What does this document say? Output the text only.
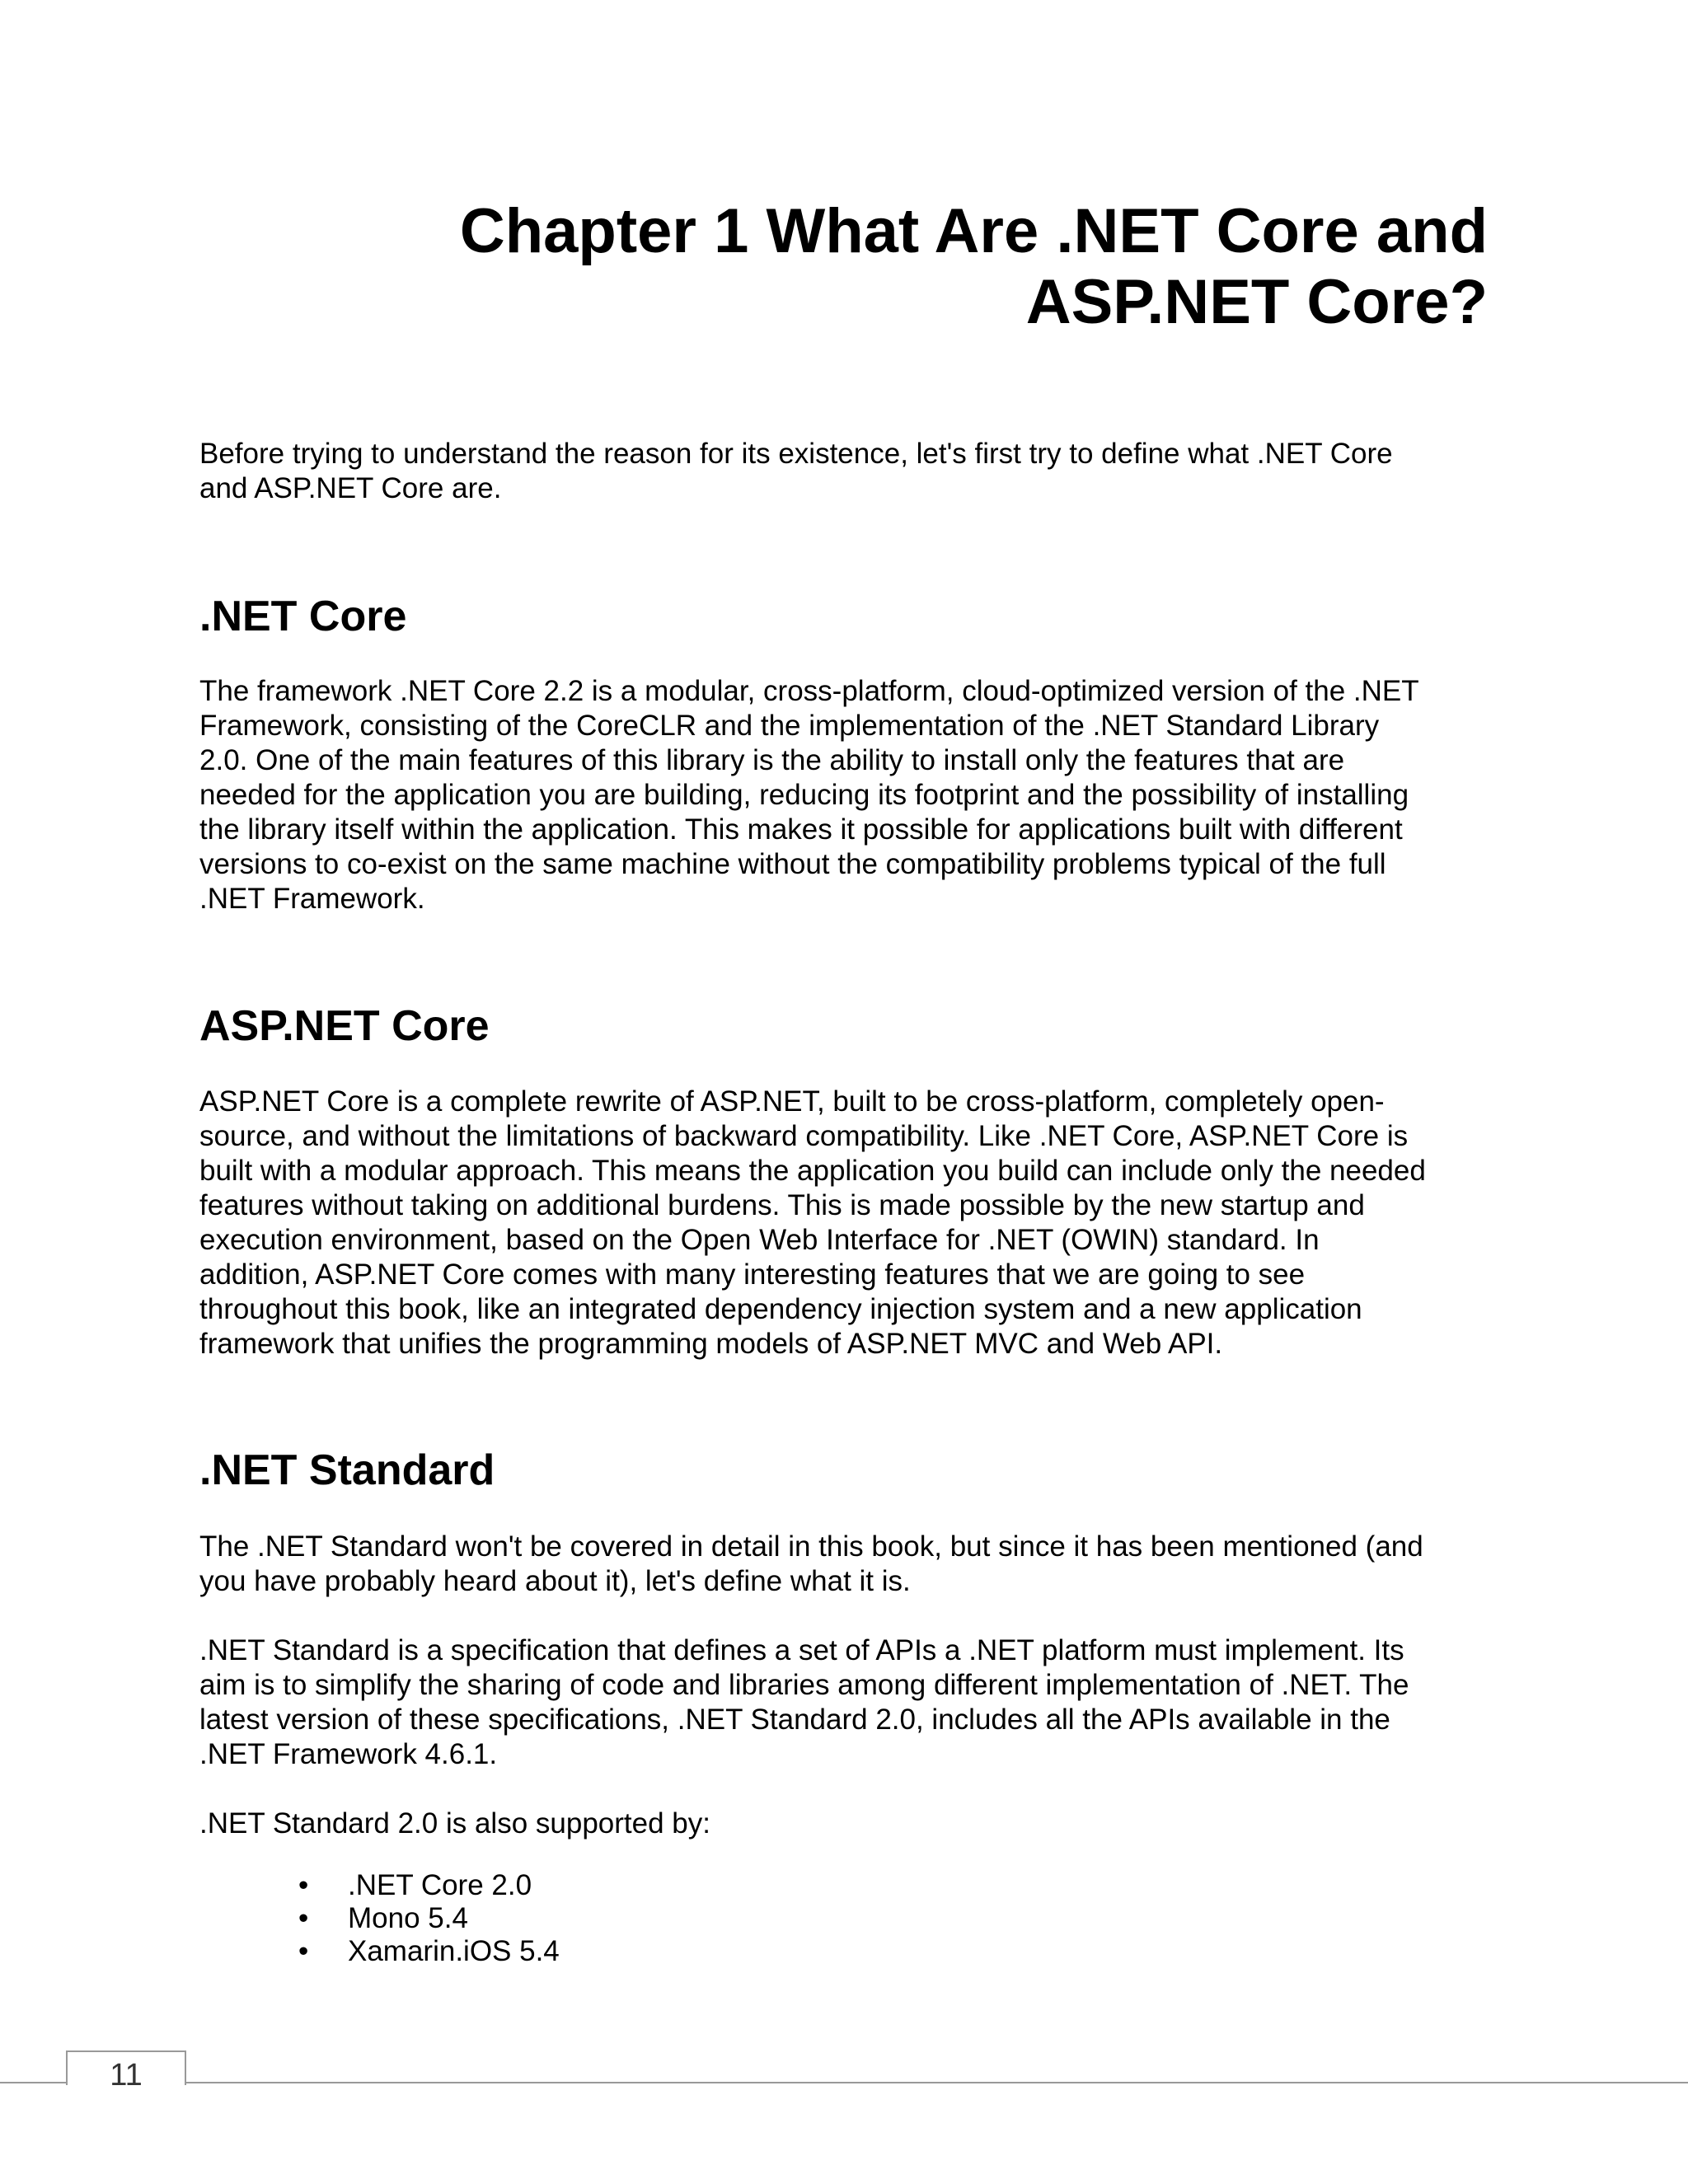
Chapter 1 What Are .NET Core and
ASP.NET Core?

Before trying to understand the reason for its existence, let's first try to define what .NET Core
and ASP.NET Core are.

.NET Core

The framework .NET Core 2.2 is a modular, cross-platform, cloud-optimized version of the .NET
Framework, consisting of the CoreCLR and the implementation of the .NET Standard Library
2.0. One of the main features of this library is the ability to install only the features that are
needed for the application you are building, reducing its footprint and the possibility of installing
the library itself within the application. This makes it possible for applications built with different
versions to co-exist on the same machine without the compatibility problems typical of the full
.NET Framework.

ASP.NET Core

ASP.NET Core is a complete rewrite of ASP.NET, built to be cross-platform, completely open-
source, and without the limitations of backward compatibility. Like .NET Core, ASP.NET Core is
built with a modular approach. This means the application you build can include only the needed
features without taking on additional burdens. This is made possible by the new startup and
execution environment, based on the Open Web Interface for .NET (OWIN) standard. In
addition, ASP.NET Core comes with many interesting features that we are going to see
throughout this book, like an integrated dependency injection system and a new application
framework that unifies the programming models of ASP.NET MVC and Web API.

.NET Standard

The .NET Standard won't be covered in detail in this book, but since it has been mentioned (and
you have probably heard about it), let's define what it is.

.NET Standard is a specification that defines a set of APIs a .NET platform must implement. Its
aim is to simplify the sharing of code and libraries among different implementation of .NET. The
latest version of these specifications, .NET Standard 2.0, includes all the APIs available in the
.NET Framework 4.6.1.

.NET Standard 2.0 is also supported by:

• .NET Core 2.0
• Mono 5.4
• Xamarin.iOS 5.4
11
